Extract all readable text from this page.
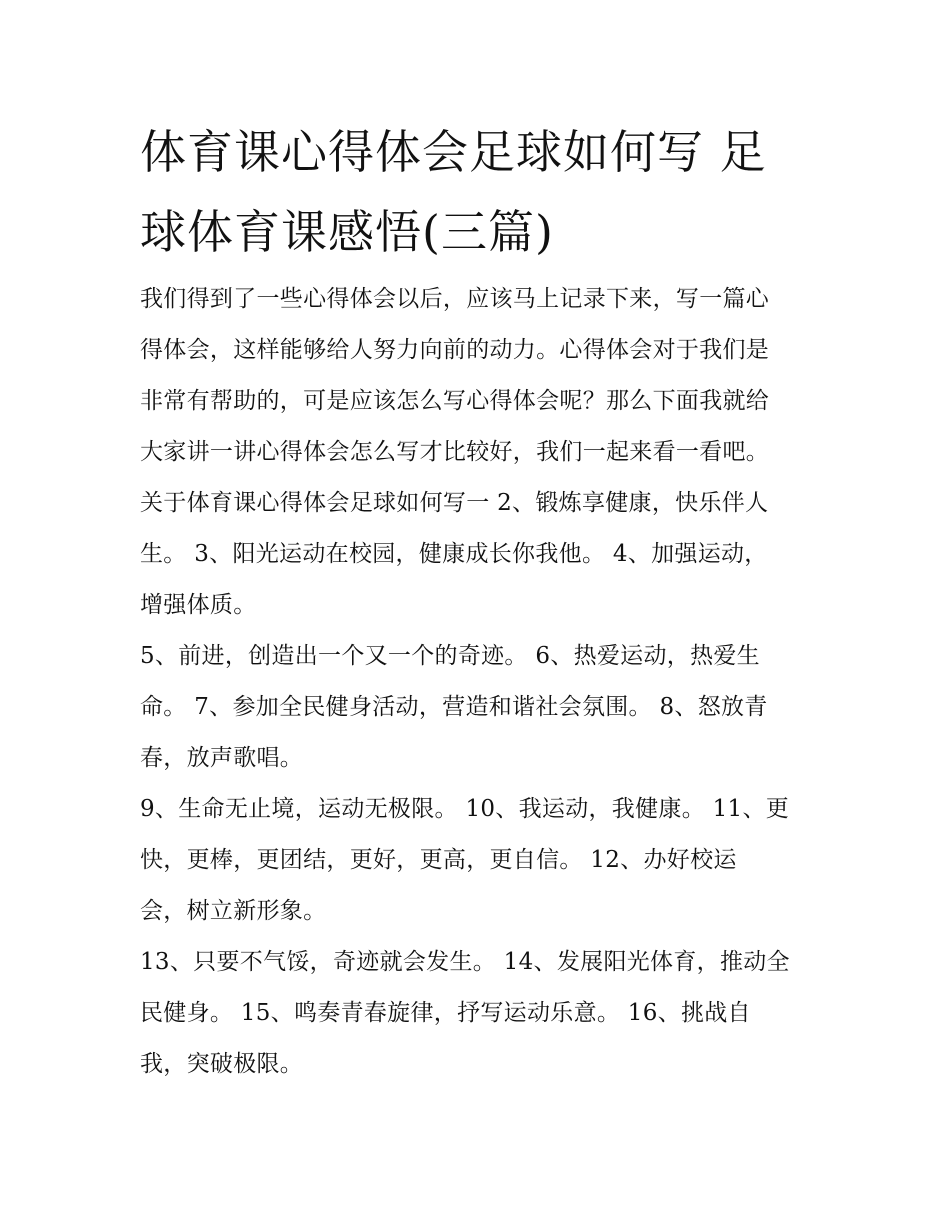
体育课心得体会足球如何写 足
球体育课感悟(三篇)

我们得到了一些心得体会以后，应该马上记录下来，写一篇心
得体会，这样能够给人努力向前的动力。心得体会对于我们是
非常有帮助的，可是应该怎么写心得体会呢？那么下面我就给
大家讲一讲心得体会怎么写才比较好，我们一起来看一看吧。
关于体育课心得体会足球如何写一 2、锻炼享健康，快乐伴人
生。 3、阳光运动在校园，健康成长你我他。 4、加强运动，
增强体质。

5、前进，创造出一个又一个的奇迹。 6、热爱运动，热爱生
命。 7、参加全民健身活动，营造和谐社会氛围。 8、怒放青
春，放声歌唱。

9、生命无止境，运动无极限。 10、我运动，我健康。 11、更
快，更棒，更团结，更好，更高，更自信。 12、办好校运
会，树立新形象。

13、只要不气馁，奇迹就会发生。 14、发展阳光体育，推动全
民健身。 15、鸣奏青春旋律，抒写运动乐意。 16、挑战自
我，突破极限。
